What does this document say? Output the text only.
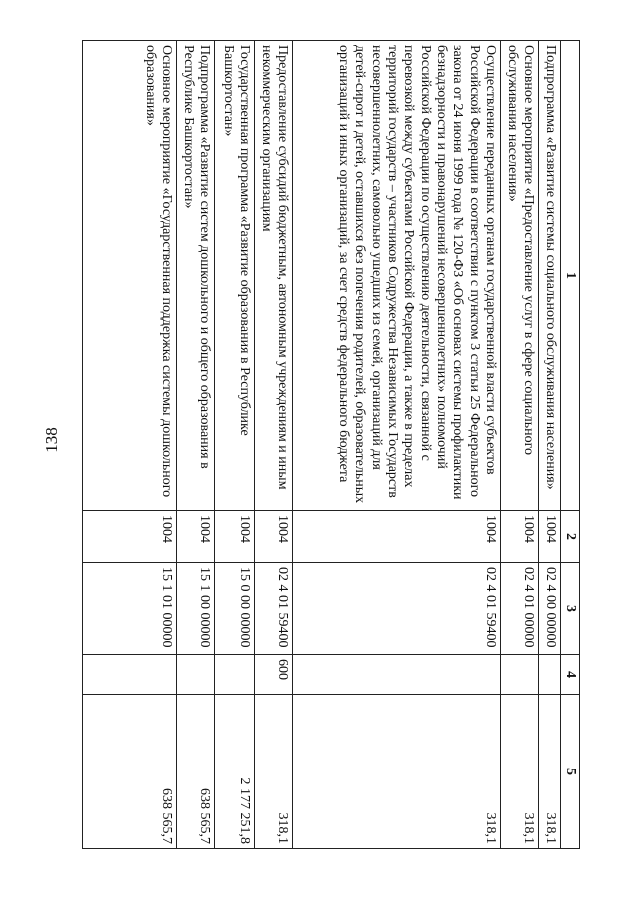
138
1	2	3	4	5
Подпрограмма «Развитие системы социального обслуживания населения»	1004	02 4 00 00000		318,1
Основное мероприятие «Предоставление услуг в сфере социального обслуживания населения»	1004	02 4 01 00000		318,1
Осуществление переданных органам государственной власти субъектов Российской Федерации в соответствии с пунктом 3 статьи 25 Федерального закона от 24 июня 1999 года № 120-ФЗ «Об основах системы профилактики безнадзорности и правонарушений несовершеннолетних» полномочий Российской Федерации по осуществлению деятельности, связанной с перевозкой между субъектами Российской Федерации, а также в пределах территорий государств – участников Содружества Независимых Государств несовершеннолетних, самовольно ушедших из семей, организаций для детей-сирот и детей, оставшихся без попечения родителей, образовательных организаций и иных организаций, за счет средств федерального бюджета	1004	02 4 01 59400		318,1
Предоставление субсидий бюджетным, автономным учреждениям и иным некоммерческим организациям	1004	02 4 01 59400	600	318,1
Государственная программа «Развитие образования в Республике Башкортостан»	1004	15 0 00 00000		2 177 251,8
Подпрограмма «Развитие систем дошкольного и общего образования в Республике Башкортостан»	1004	15 1 00 00000		638 565,7
Основное мероприятие «Государственная поддержка системы дошкольного образования»	1004	15 1 01 00000		638 565,7
